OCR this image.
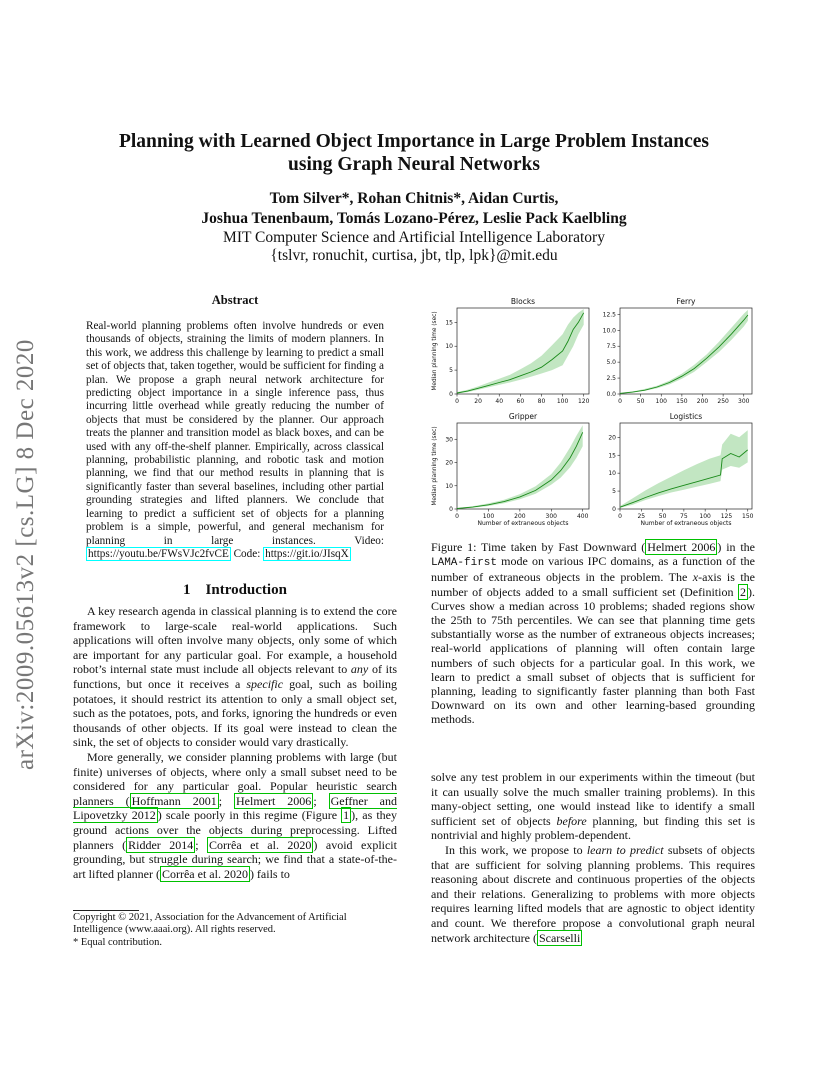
Planning with Learned Object Importance in Large Problem Instances
using Graph Neural Networks
Tom Silver*, Rohan Chitnis*, Aidan Curtis,
Joshua Tenenbaum, Tomás Lozano-Pérez, Leslie Pack Kaelbling
MIT Computer Science and Artificial Intelligence Laboratory
{tslvr, ronuchit, curtisa, jbt, tlp, lpk}@mit.edu
arXiv:2009.05613v2 [cs.LG] 8 Dec 2020
Abstract
Real-world planning problems often involve hundreds or even thousands of objects, straining the limits of modern planners. In this work, we address this challenge by learning to predict a small set of objects that, taken together, would be sufficient for finding a plan. We propose a graph neural network architecture for predicting object importance in a single inference pass, thus incurring little overhead while greatly reducing the number of objects that must be considered by the planner. Our approach treats the planner and transition model as black boxes, and can be used with any off-the-shelf planner. Empirically, across classical planning, probabilistic planning, and robotic task and motion planning, we find that our method results in planning that is significantly faster than several baselines, including other partial grounding strategies and lifted planners. We conclude that learning to predict a sufficient set of objects for a planning problem is a simple, powerful, and general mechanism for planning in large instances. Video: https://youtu.be/FWsVJc2fvCE Code: https://git.io/JIsqX
1    Introduction

A key research agenda in classical planning is to extend the core framework to large-scale real-world applications. Such applications will often involve many objects, only some of which are important for any particular goal. For example, a household robot’s internal state must include all objects relevant to any of its functions, but once it receives a specific goal, such as boiling potatoes, it should restrict its attention to only a small object set, such as the potatoes, pots, and forks, ignoring the hundreds or even thousands of other objects. If its goal were instead to clean the sink, the set of objects to consider would vary drastically.

More generally, we consider planning problems with large (but finite) universes of objects, where only a small subset need to be considered for any particular goal. Popular heuristic search planners ( Hoffmann 2001 ; Helmert 2006 ; Geffner and Lipovetzky 2012 ) scale poorly in this regime (Figure 1 ), as they ground actions over the objects during preprocessing. Lifted planners ( Ridder 2014 ; Corrêa et al. 2020 ) avoid explicit grounding, but struggle during search; we find that a state-of-the-art lifted planner ( Corrêa et al. 2020 ) fails to

Copyright © 2021, Association for the Advancement of Artificial Intelligence (www.aaai.org). All rights reserved.
* Equal contribution.
Blocks
0	20 40 60 80 100 120
0
5
10
15
Median planning time (sec)
Ferry
0 50 100 150 200 250 300
0.0
2.5
5.0
7.5
10.0
12.5
Gripper
0	100	200	300	400
0
10
20
30
Number of extraneous objects
Median planning time (sec)
Logistics
0	25 50 75 100 125 150
0
5
10
15
20
Number of extraneous objects
Figure 1: Time taken by Fast Downward ( Helmert 2006 ) in the LAMA-first mode on various IPC domains, as a function of the number of extraneous objects in the problem. The x-axis is the number of objects added to a small sufficient set (Definition 2 ). Curves show a median across 10 problems; shaded regions show the 25th to 75th percentiles. We can see that planning time gets substantially worse as the number of extraneous objects increases; real-world applications of planning will often contain large numbers of such objects for a particular goal. In this work, we learn to predict a small subset of objects that is sufficient for planning, leading to significantly faster planning than both Fast Downward on its own and other learning-based grounding methods.

solve any test problem in our experiments within the timeout (but it can usually solve the much smaller training problems). In this many-object setting, one would instead like to identify a small sufficient set of objects before planning, but finding this set is nontrivial and highly problem-dependent.

In this work, we propose to learn to predict subsets of objects that are sufficient for solving planning problems. This requires reasoning about discrete and continuous properties of the objects and their relations. Generalizing to problems with more objects requires learning lifted models that are agnostic to object identity and count. We therefore propose a convolutional graph neural network architecture ( Scarselli
